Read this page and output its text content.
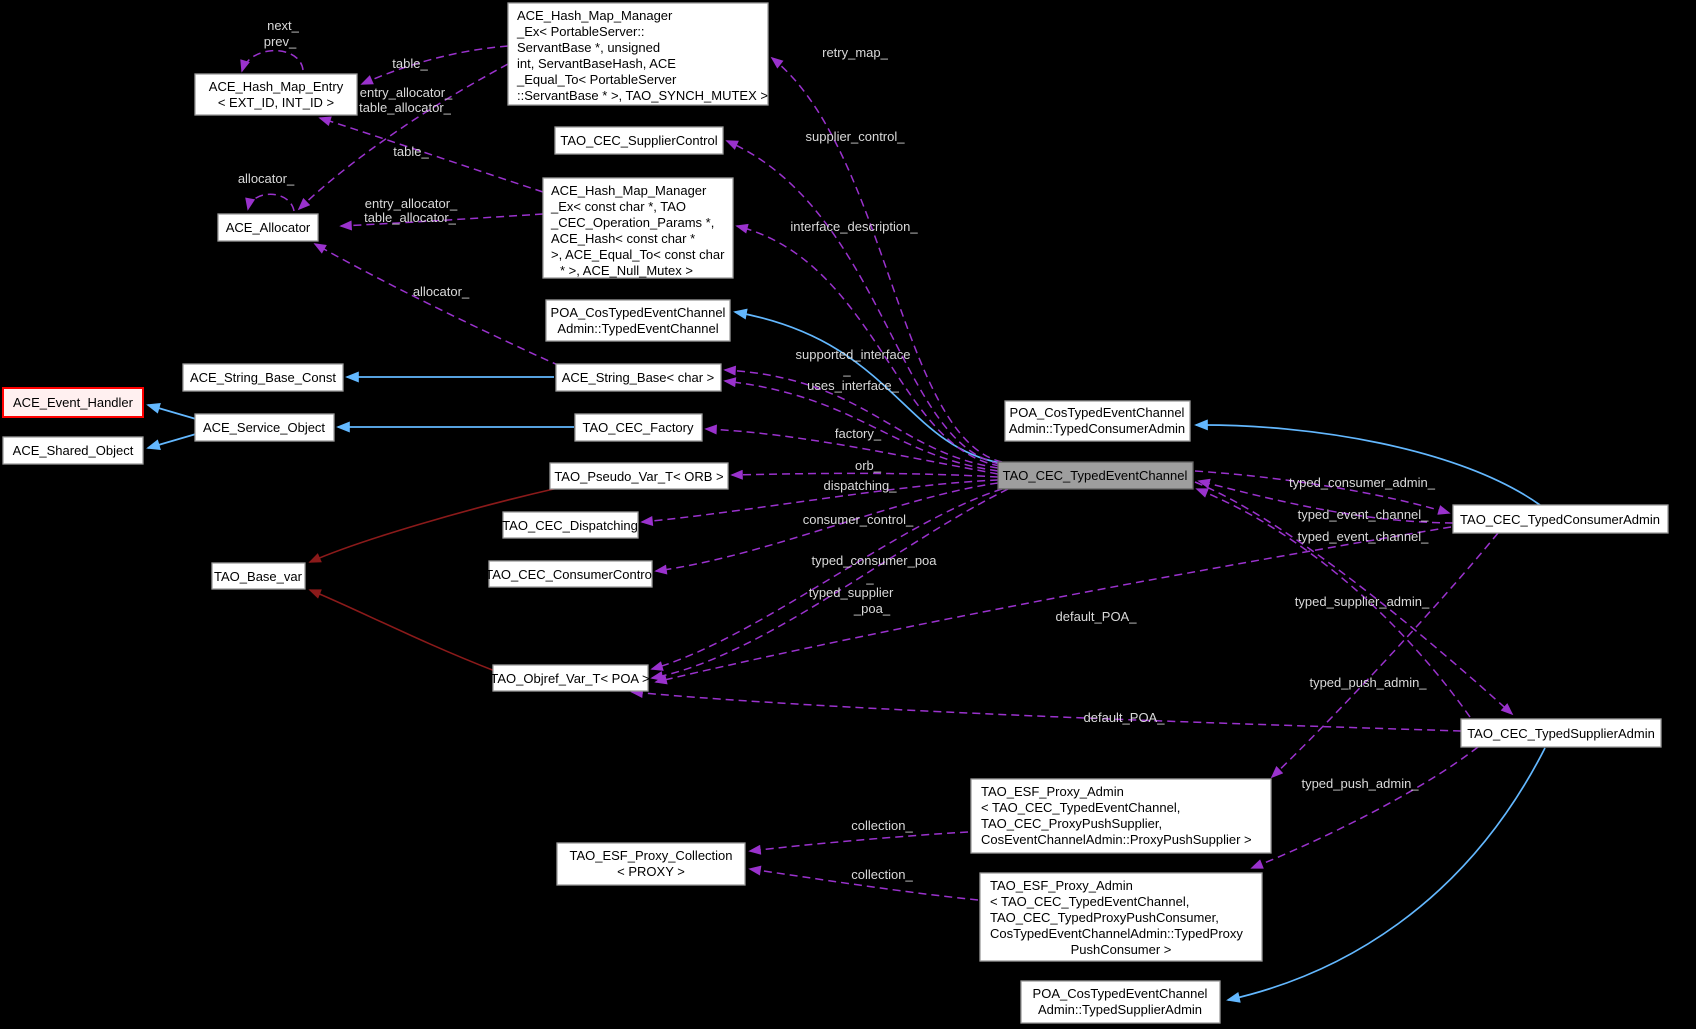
next_
prev_
table_
entry_allocator_
table_allocator_
retry_map_
supplier_control_
table_
allocator_
entry_allocator_
table_allocator_
interface_description_
allocator_
supported_interface
_
uses_interface_
factory_
orb_
dispatching_
consumer_control_
typed_consumer_poa
_
typed_supplier
_poa_
typed_consumer_admin_
typed_event_channel_
typed_event_channel_
typed_supplier_admin_
default_POA_
default_POA_
typed_push_admin_
typed_push_admin_
collection_
collection_
ACE_Hash_Map_Entry
< EXT_ID, INT_ID >
ACE_Hash_Map_Manager
_Ex< PortableServer::
ServantBase *, unsigned
int, ServantBaseHash, ACE
_Equal_To< PortableServer
::ServantBase * >, TAO_SYNCH_MUTEX >
TAO_CEC_SupplierControl
ACE_Hash_Map_Manager
_Ex< const char *, TAO
_CEC_Operation_Params *,
ACE_Hash< const char *
>, ACE_Equal_To< const char
* >, ACE_Null_Mutex >
ACE_Allocator
POA_CosTypedEventChannel
Admin::TypedEventChannel
ACE_String_Base_Const	ACE_String_Base< char >
ACE_Event_Handler
ACE_Service_Object
ACE_Shared_Object
TAO_CEC_Factory
TAO_Pseudo_Var_T< ORB >
TAO_Base_var
TAO_CEC_Dispatching
TAO_CEC_ConsumerControl
TAO_Objref_Var_T< POA >
TAO_CEC_TypedEventChannel
POA_CosTypedEventChannel
Admin::TypedConsumerAdmin
TAO_CEC_TypedConsumerAdmin
TAO_CEC_TypedSupplierAdmin
TAO_ESF_Proxy_Admin
< TAO_CEC_TypedEventChannel,
TAO_CEC_ProxyPushSupplier,
CosEventChannelAdmin::ProxyPushSupplier >
TAO_ESF_Proxy_Admin
< TAO_CEC_TypedEventChannel,
TAO_CEC_TypedProxyPushConsumer,
CosTypedEventChannelAdmin::TypedProxy
PushConsumer >
TAO_ESF_Proxy_Collection
< PROXY >
POA_CosTypedEventChannel
Admin::TypedSupplierAdmin
